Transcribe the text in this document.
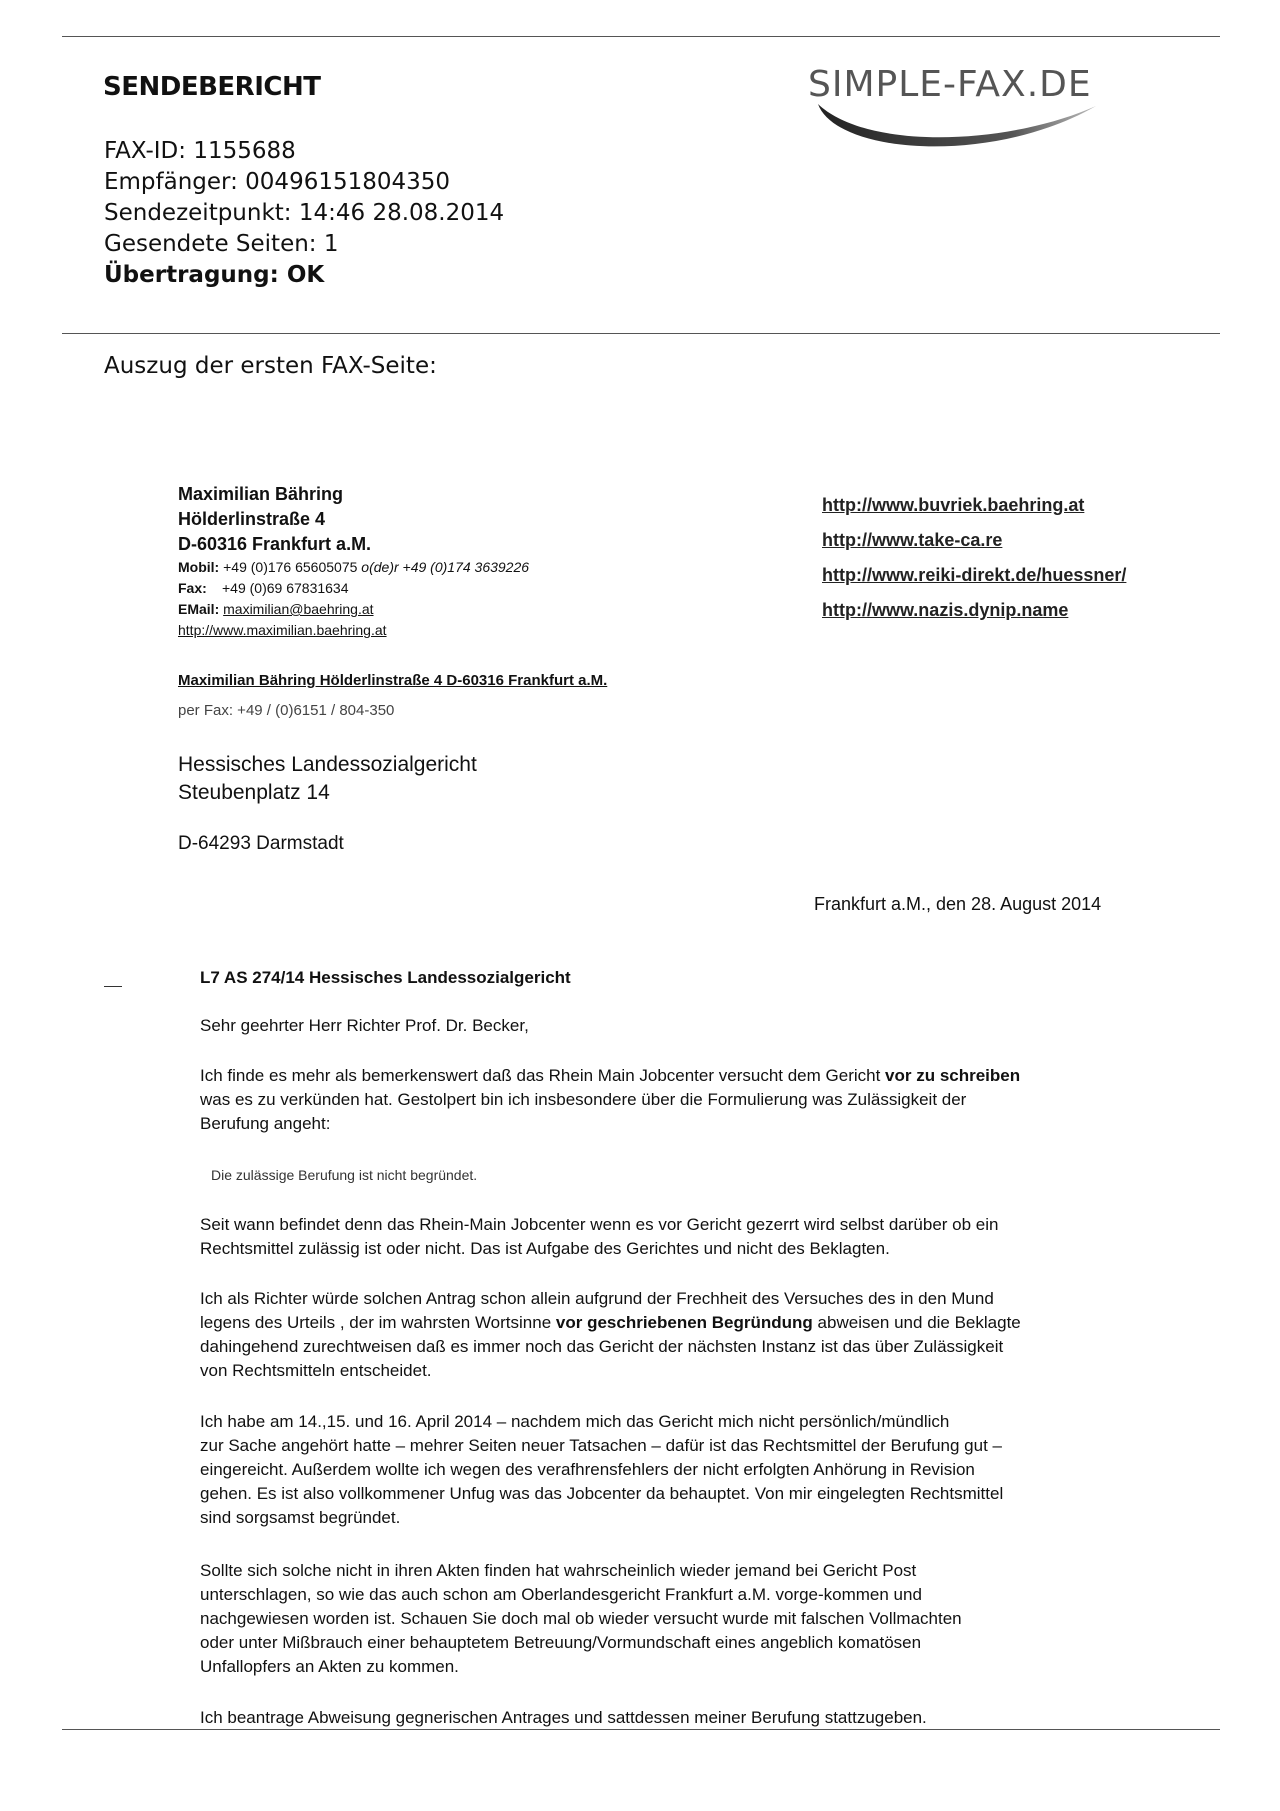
SENDEBERICHT
FAX-ID: 1155688
Empfänger: 00496151804350
Sendezeitpunkt: 14:46 28.08.2014
Gesendete Seiten: 1
Übertragung: OK
SIMPLE-FAX.DE
Auszug der ersten FAX-Seite:
Maximilian Bähring
Hölderlinstraße 4
D-60316 Frankfurt a.M.
Mobil: +49 (0)176 65605075 o(de)r +49 (0)174 3639226
Fax: +49 (0)69 67831634
EMail: maximilian@baehring.at
http://www.maximilian.baehring.at
http://www.buvriek.baehring.at
http://www.take-ca.re
http://www.reiki-direkt.de/huessner/
http://www.nazis.dynip.name
Maximilian Bähring Hölderlinstraße 4 D-60316 Frankfurt a.M.
per Fax: +49 / (0)6151 / 804-350
Hessisches Landessozialgericht
Steubenplatz 14
D-64293 Darmstadt
Frankfurt a.M., den 28. August 2014
L7 AS 274/14 Hessisches Landessozialgericht
Sehr geehrter Herr Richter Prof. Dr. Becker,
Ich finde es mehr als bemerkenswert daß das Rhein Main Jobcenter versucht dem Gericht vor zu schreiben
was es zu verkünden hat. Gestolpert bin ich insbesondere über die Formulierung was Zulässigkeit der
Berufung angeht:
Die zulässige Berufung ist nicht begründet.
Seit wann befindet denn das Rhein-Main Jobcenter wenn es vor Gericht gezerrt wird selbst darüber ob ein
Rechtsmittel zulässig ist oder nicht. Das ist Aufgabe des Gerichtes und nicht des Beklagten.
Ich als Richter würde solchen Antrag schon allein aufgrund der Frechheit des Versuches des in den Mund
legens des Urteils , der im wahrsten Wortsinne vor geschriebenen Begründung abweisen und die Beklagte
dahingehend zurechtweisen daß es immer noch das Gericht der nächsten Instanz ist das über Zulässigkeit
von Rechtsmitteln entscheidet.
Ich habe am 14.,15. und 16. April 2014 – nachdem mich das Gericht mich nicht persönlich/mündlich
zur Sache angehört hatte – mehrer Seiten neuer Tatsachen – dafür ist das Rechtsmittel der Berufung gut –
eingereicht. Außerdem wollte ich wegen des verafhrensfehlers der nicht erfolgten Anhörung in Revision
gehen. Es ist also vollkommener Unfug was das Jobcenter da behauptet. Von mir eingelegten Rechtsmittel
sind sorgsamst begründet.
Sollte sich solche nicht in ihren Akten finden hat wahrscheinlich wieder jemand bei Gericht Post
unterschlagen, so wie das auch schon am Oberlandesgericht Frankfurt a.M. vorge-kommen und
nachgewiesen worden ist. Schauen Sie doch mal ob wieder versucht wurde mit falschen Vollmachten
oder unter Mißbrauch einer behauptetem Betreuung/Vormundschaft eines angeblich komatösen
Unfallopfers an Akten zu kommen.
Ich beantrage Abweisung gegnerischen Antrages und sattdessen meiner Berufung stattzugeben.
